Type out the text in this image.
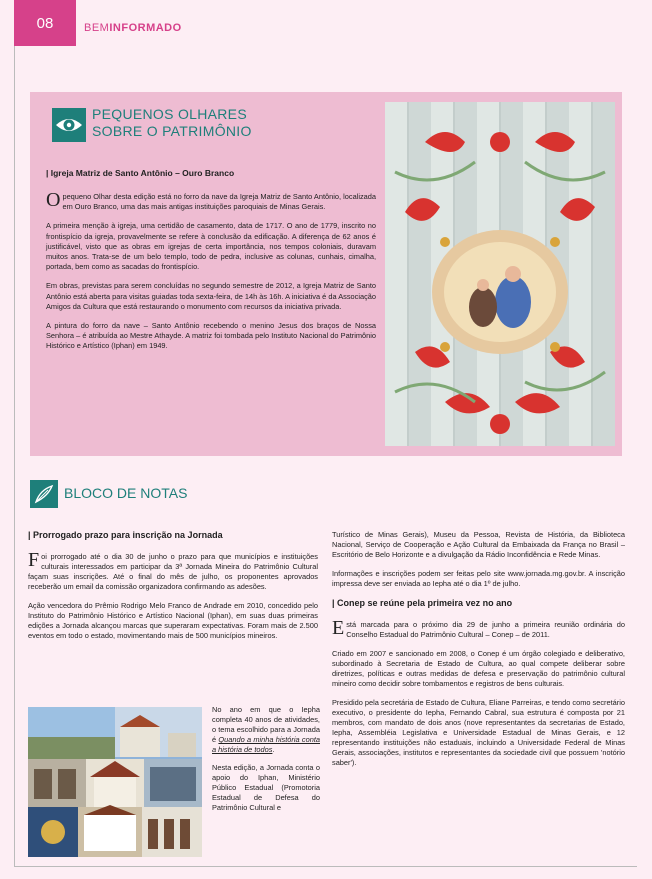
08	BEMINFORMADO
PEQUENOS OLHARES
SOBRE O PATRIMÔNIO
| Igreja Matriz de Santo Antônio – Ouro Branco

O pequeno Olhar desta edição está no forro da nave da Igreja Matriz de Santo Antônio, localizada em Ouro Branco, uma das mais antigas instituições paroquiais de Minas Gerais.

A primeira menção à igreja, uma certidão de casamento, data de 1717. O ano de 1779, inscrito no frontispício da igreja, provavelmente se refere à conclusão da edificação. A diferença de 62 anos é justificável, visto que as obras em igrejas de certa importância, nos tempos coloniais, duravam muitos anos. Trata-se de um belo templo, todo de pedra, inclusive as colunas, cunhais, cimalha, portada, bem como as sacadas do frontispício.

Em obras, previstas para serem concluídas no segundo semestre de 2012, a Igreja Matriz de Santo Antônio está aberta para visitas guiadas toda sexta-feira, de 14h às 16h. A iniciativa é da Associação Amigos da Cultura que está restaurando o monumento com recursos da iniciativa privada.

A pintura do forro da nave – Santo Antônio recebendo o menino Jesus dos braços de Nossa Senhora – é atribuída ao Mestre Athayde. A matriz foi tombada pelo Instituto Nacional do Patrimônio Histórico e Artístico (Iphan) em 1949.

BLOCO DE NOTAS
| Prorrogado prazo para inscrição na Jornada

Foi prorrogado até o dia 30 de junho o prazo para que municípios e instituições culturais interessados em participar da 3ª Jornada Mineira do Patrimônio Cultural façam suas inscrições. Até o final do mês de julho, os proponentes aprovados receberão um email da comissão organizadora confirmando as adesões.

Ação vencedora do Prêmio Rodrigo Melo Franco de Andrade em 2010, concedido pelo Instituto do Patrimônio Histórico e Artístico Nacional (Iphan), em suas duas primeiras edições a Jornada alcançou marcas que superaram expectativas. Foram mais de 2.500 eventos em todo o estado, movimentando mais de 500 municípios mineiros.

No ano em que o Iepha completa 40 anos de atividades, o tema escolhido para a Jornada é Quando a minha história conta a história de todos.

Nesta edição, a Jornada conta o apoio do Iphan, Ministério Público Estadual (Promotoria Estadual de Defesa do Patrimônio Cultural e

Turístico de Minas Gerais), Museu da Pessoa, Revista de História, da Biblioteca Nacional, Serviço de Cooperação e Ação Cultural da Embaixada da França no Brasil – Escritório de Belo Horizonte e a divulgação da Rádio Inconfidência e Rede Minas.

Informações e inscrições podem ser feitas pelo site www.jornada.mg.gov.br. A inscrição impressa deve ser enviada ao Iepha até o dia 1º de julho.

| Conep se reúne pela primeira vez no ano

Está marcada para o próximo dia 29 de junho a primeira reunião ordinária do Conselho Estadual do Patrimônio Cultural – Conep – de 2011.

Criado em 2007 e sancionado em 2008, o Conep é um órgão colegiado e deliberativo, subordinado à Secretaria de Estado de Cultura, ao qual compete deliberar sobre diretrizes, políticas e outras medidas de defesa e preservação do patrimônio cultural mineiro como decidir sobre tombamentos e registros de bens culturais.

Presidido pela secretária de Estado de Cultura, Eliane Parreiras, e tendo como secretário executivo, o presidente do Iepha, Fernando Cabral, sua estrutura é composta por 21 membros, com mandato de dois anos (nove representantes da secretarias de Estado, Iepha, Assembléia Legislativa e Universidade Estadual de Minas Gerais, e 12 representando instituições não estaduais, incluindo a Universidade Federal de Minas Gerais, associações, institutos e representantes da sociedade civil que possuem 'notório saber').
